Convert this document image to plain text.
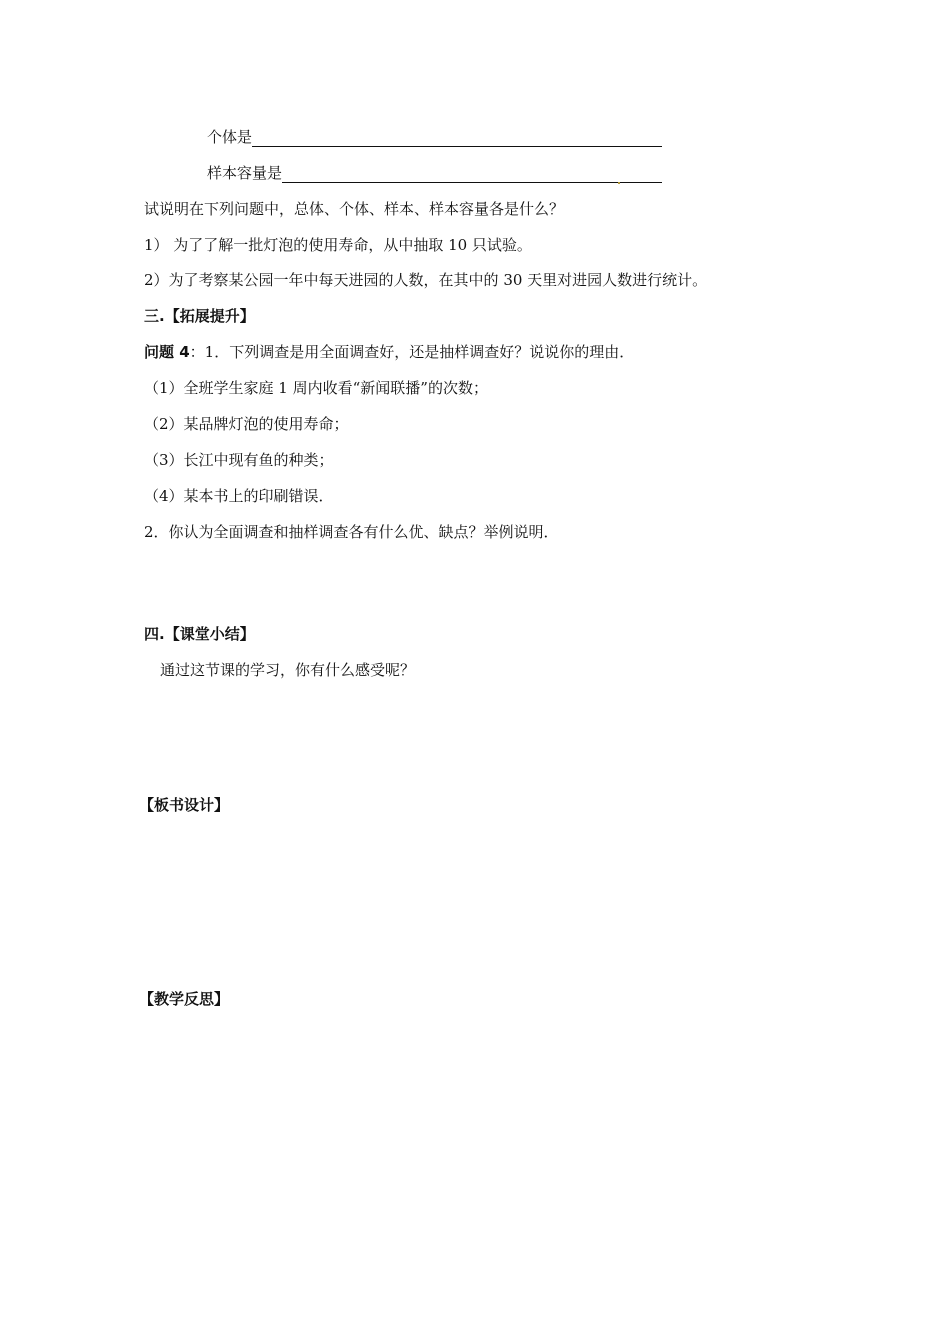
个体是
样本容量是
试说明在下列问题中，总体、个体、样本、样本容量各是什么？
1） 为了了解一批灯泡的使用寿命，从中抽取 10 只试验。
2）为了考察某公园一年中每天进园的人数，在其中的 30 天里对进园人数进行统计。
三.【拓展提升】
问题 4：1．下列调查是用全面调查好，还是抽样调查好？说说你的理由．
（1）全班学生家庭 1 周内收看“新闻联播”的次数；
（2）某品牌灯泡的使用寿命；
（3）长江中现有鱼的种类；
（4）某本书上的印刷错误．
2．你认为全面调查和抽样调查各有什么优、缺点？举例说明．
四.【课堂小结】
通过这节课的学习，你有什么感受呢？
【板书设计】
【教学反思】
